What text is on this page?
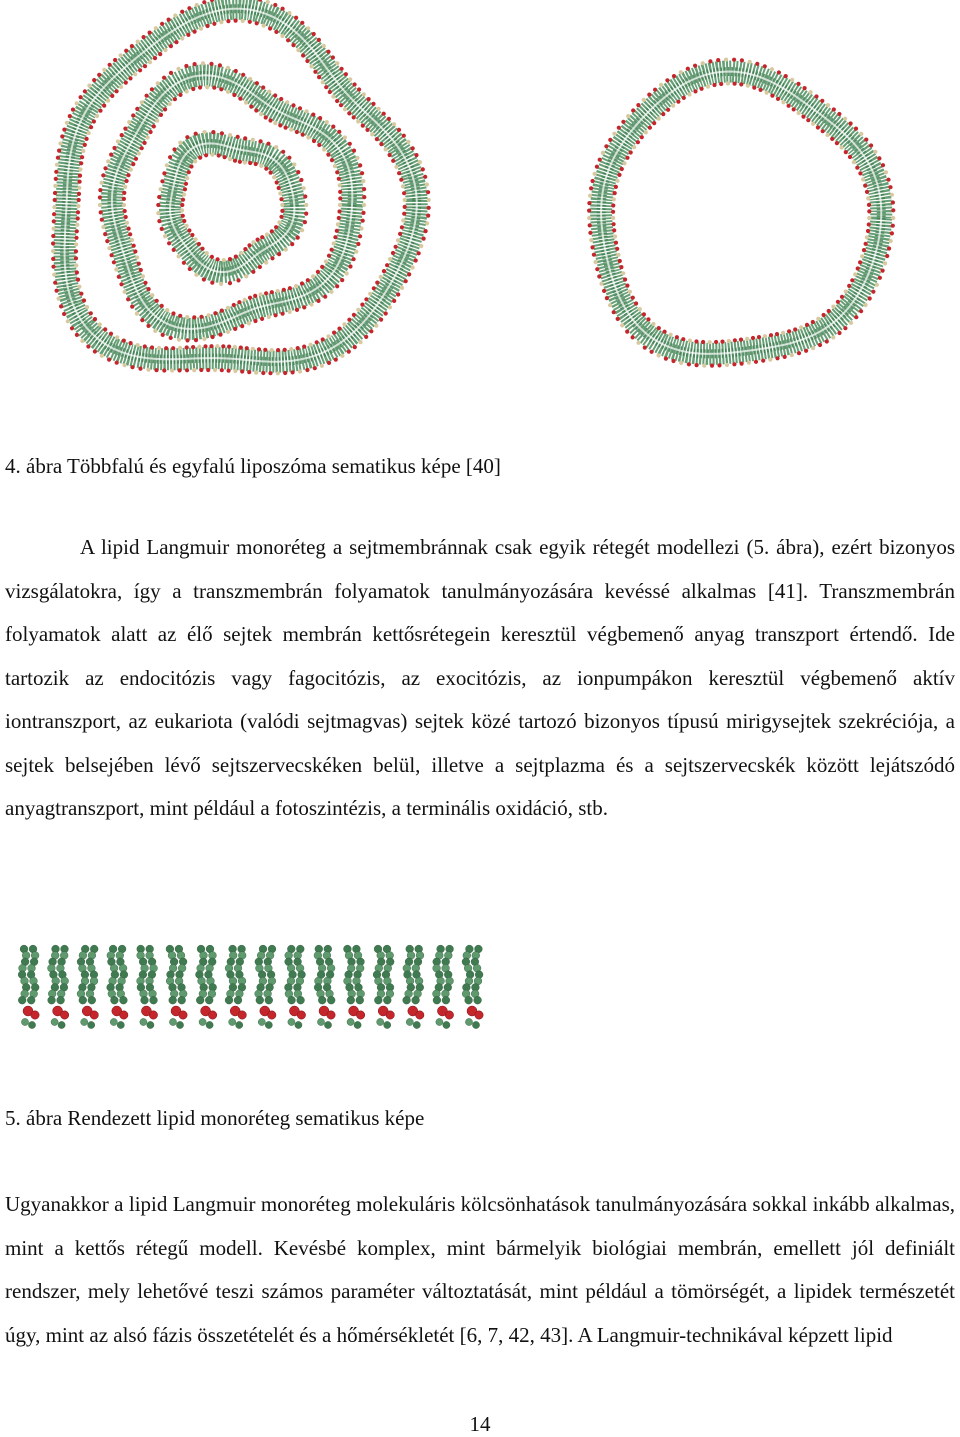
4. ábra Többfalú és egyfalú liposzóma sematikus képe [40]

A lipid Langmuir monoréteg a sejtmembránnak csak egyik rétegét modellezi (5. ábra), ezért bizonyos vizsgálatokra, így a transzmembrán folyamatok tanulmányozására kevéssé alkalmas [41]. Transzmembrán folyamatok alatt az élő sejtek membrán kettősrétegein keresztül végbemenő anyag transzport értendő. Ide tartozik az endocitózis vagy fagocitózis, az exocitózis, az ionpumpákon keresztül végbemenő aktív iontranszport, az eukariota (valódi sejtmagvas) sejtek közé tartozó bizonyos típusú mirigysejtek szekréciója, a sejtek belsejében lévő sejtszervecskéken belül, illetve a sejtplazma és a sejtszervecskék között lejátszódó anyagtranszport, mint például a fotoszintézis, a terminális oxidáció, stb.

5. ábra Rendezett lipid monoréteg sematikus képe

Ugyanakkor a lipid Langmuir monoréteg molekuláris kölcsönhatások tanulmányozására sokkal inkább alkalmas, mint a kettős rétegű modell. Kevésbé komplex, mint bármelyik biológiai membrán, emellett jól definiált rendszer, mely lehetővé teszi számos paraméter változtatását, mint például a tömörségét, a lipidek természetét úgy, mint az alsó fázis összetételét és a hőmérsékletét [6, 7, 42, 43]. A Langmuir-technikával képzett lipid

14
